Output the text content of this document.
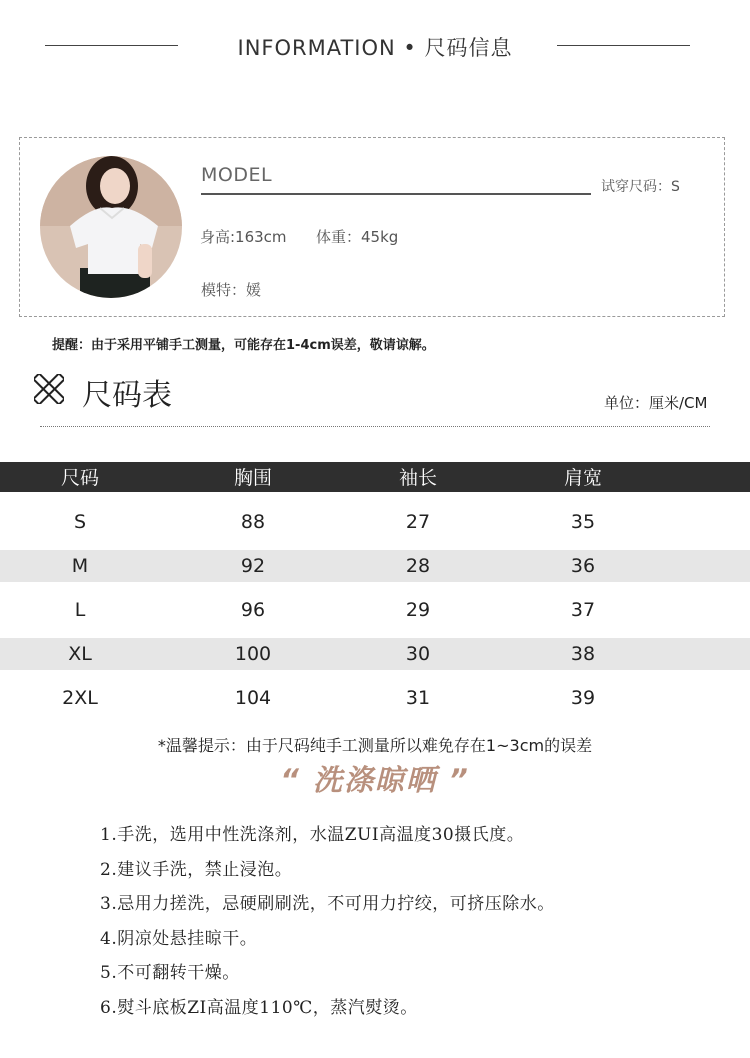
INFORMATION • 尺码信息
MODEL
试穿尺码：S
身高:163cm 体重：45kg
模特：媛
提醒：由于采用平铺手工测量，可能存在1-4cm误差，敬请谅解。
尺码表	单位：厘米/CM
尺码	胸围	袖长	肩宽
S	88	27	35
M	92	28	36
L	96	29	37
XL	100	30	38
2XL	104	31	39
*温馨提示：由于尺码纯手工测量所以难免存在1~3cm的误差
“ 洗涤晾晒 ”
1.手洗，选用中性洗涤剂，水温ZUI高温度30摄氏度。
2.建议手洗，禁止浸泡。
3.忌用力搓洗，忌硬刷刷洗，不可用力拧绞，可挤压除水。
4.阴凉处悬挂晾干。
5.不可翻转干燥。
6.熨斗底板ZI高温度110℃，蒸汽熨烫。
